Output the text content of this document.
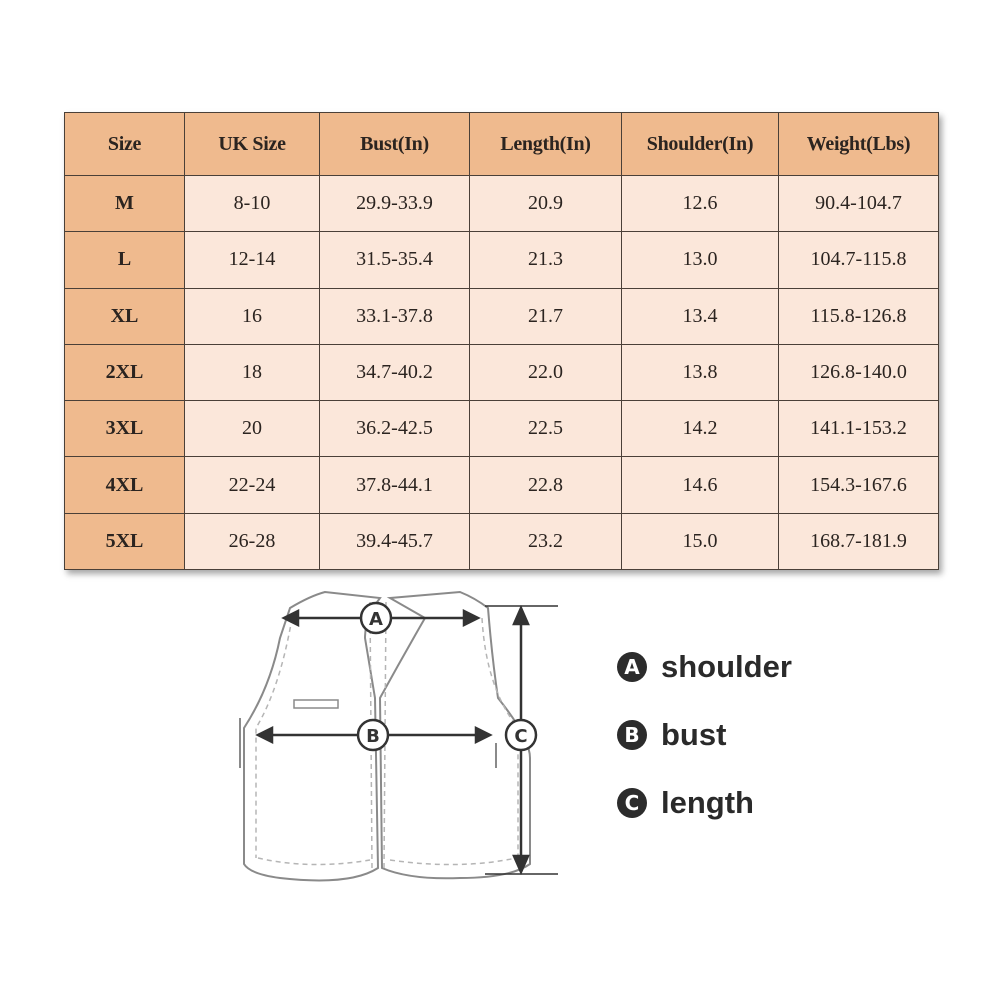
Size	UK Size	Bust(In)	Length(In)	Shoulder(In)	Weight(Lbs)
M	8-10	29.9-33.9	20.9	12.6	90.4-104.7
L	12-14	31.5-35.4	21.3	13.0	104.7-115.8
XL	16	33.1-37.8	21.7	13.4	115.8-126.8
2XL	18	34.7-40.2	22.0	13.8	126.8-140.0
3XL	20	36.2-42.5	22.5	14.2	141.1-153.2
4XL	22-24	37.8-44.1	22.8	14.6	154.3-167.6
5XL	26-28	39.4-45.7	23.2	15.0	168.7-181.9
A
B	C
A shoulder
B bust
C length
